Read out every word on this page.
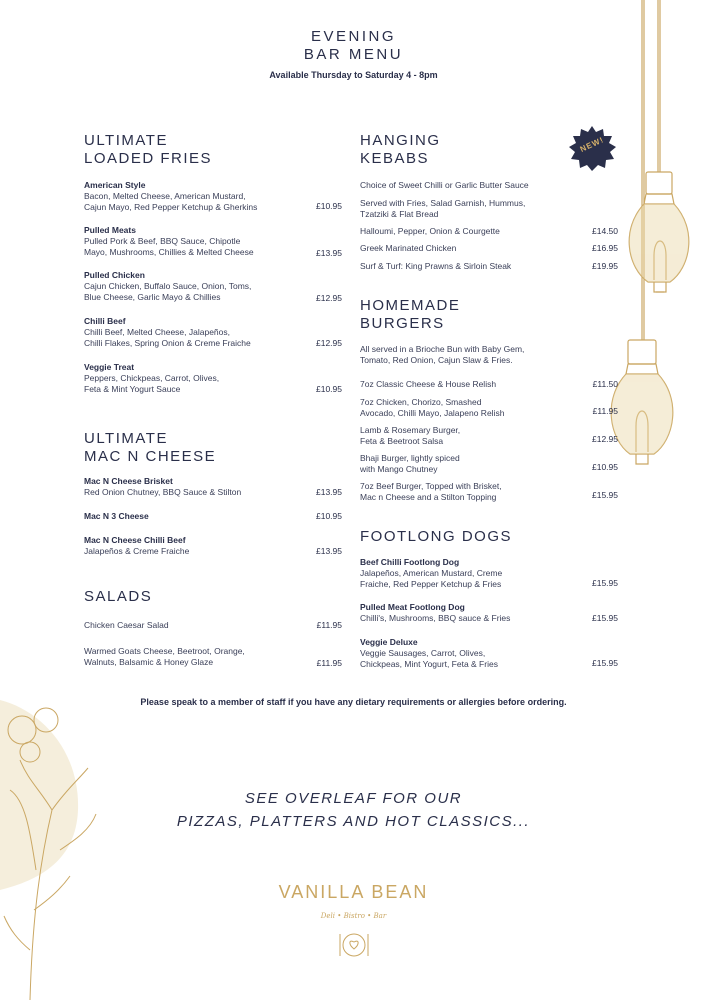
EVENING
BAR MENU
Available Thursday to Saturday 4 - 8pm
ULTIMATE
LOADED FRIES
American Style
Bacon, Melted Cheese, American Mustard,
Cajun Mayo, Red Pepper Ketchup & Gherkins	£10.95
Pulled Meats
Pulled Pork & Beef, BBQ Sauce, Chipotle
Mayo, Mushrooms, Chillies & Melted Cheese	£13.95
Pulled Chicken
Cajun Chicken, Buffalo Sauce, Onion, Toms,
Blue Cheese, Garlic Mayo & Chillies	£12.95
Chilli Beef
Chilli Beef, Melted Cheese, Jalapeños,
Chilli Flakes, Spring Onion & Creme Fraiche	£12.95
Veggie Treat
Peppers, Chickpeas, Carrot, Olives,
Feta & Mint Yogurt Sauce	£10.95
ULTIMATE
MAC N CHEESE
Mac N Cheese Brisket
Red Onion Chutney, BBQ Sauce & Stilton	£13.95
Mac N 3 Cheese	£10.95
Mac N Cheese Chilli Beef
Jalapeños & Creme Fraiche	£13.95
SALADS
Chicken Caesar Salad	£11.95
Warmed Goats Cheese, Beetroot, Orange,
Walnuts, Balsamic & Honey Glaze	£11.95
HANGING
KEBABS
Choice of Sweet Chilli or Garlic Butter Sauce
Served with Fries, Salad Garnish, Hummus,
Tzatziki & Flat Bread
Halloumi, Pepper, Onion & Courgette	£14.50
Greek Marinated Chicken	£16.95
Surf & Turf: King Prawns & Sirloin Steak	£19.95
HOMEMADE
BURGERS
All served in a Brioche Bun with Baby Gem,
Tomato, Red Onion, Cajun Slaw & Fries.
7oz Classic Cheese & House Relish	£11.50
7oz Chicken, Chorizo, Smashed
Avocado, Chilli Mayo, Jalapeno Relish	£11.95
Lamb & Rosemary Burger,
Feta & Beetroot Salsa	£12.95
Bhaji Burger, lightly spiced
with Mango Chutney	£10.95
7oz Beef Burger, Topped with Brisket,
Mac n Cheese and a Stilton Topping	£15.95
FOOTLONG DOGS
Beef Chilli Footlong Dog
Jalapeños, American Mustard, Creme
Fraiche, Red Pepper Ketchup & Fries	£15.95
Pulled Meat Footlong Dog
Chilli's, Mushrooms, BBQ sauce & Fries	£15.95
Veggie Deluxe
Veggie Sausages, Carrot, Olives,
Chickpeas, Mint Yogurt, Feta & Fries	£15.95
NEW!
Please speak to a member of staff if you have any dietary requirements or allergies before ordering.
SEE OVERLEAF FOR OUR
PIZZAS, PLATTERS AND HOT CLASSICS...
VANILLA BEAN
Deli • Bistro • Bar
